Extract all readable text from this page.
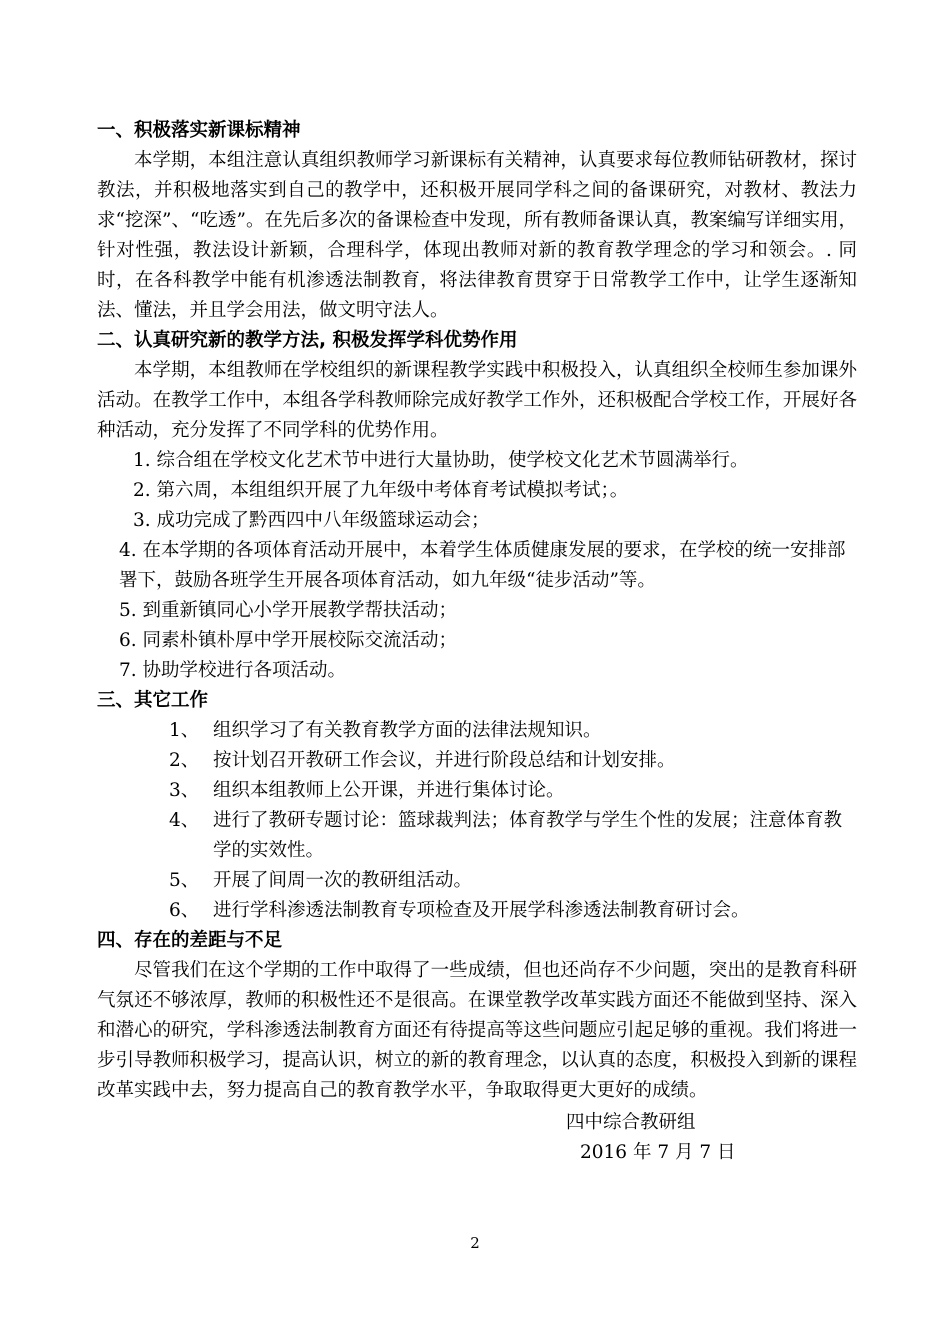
一、积极落实新课标精神

本学期，本组注意认真组织教师学习新课标有关精神，认真要求每位教师钻研教材，探讨教法，并积极地落实到自己的教学中，还积极开展同学科之间的备课研究，对教材、教法力求“挖深”、“吃透”。在先后多次的备课检查中发现，所有教师备课认真，教案编写详细实用，针对性强，教法设计新颖，合理科学，体现出教师对新的教育教学理念的学习和领会。. 同时，在各科教学中能有机渗透法制教育，将法律教育贯穿于日常教学工作中，让学生逐渐知法、懂法，并且学会用法，做文明守法人。

二、认真研究新的教学方法, 积极发挥学科优势作用

本学期，本组教师在学校组织的新课程教学实践中积极投入，认真组织全校师生参加课外活动。在教学工作中，本组各学科教师除完成好教学工作外，还积极配合学校工作，开展好各种活动，充分发挥了不同学科的优势作用。

1. 综合组在学校文化艺术节中进行大量协助，使学校文化艺术节圆满举行。

2. 第六周，本组组织开展了九年级中考体育考试模拟考试；。

3. 成功完成了黔西四中八年级篮球运动会；

4. 在本学期的各项体育活动开展中，本着学生体质健康发展的要求，在学校的统一安排部署下，鼓励各班学生开展各项体育活动，如九年级“徒步活动”等。

5. 到重新镇同心小学开展教学帮扶活动；

6. 同素朴镇朴厚中学开展校际交流活动；

7. 协助学校进行各项活动。

三、其它工作

1、 组织学习了有关教育教学方面的法律法规知识。
2、 按计划召开教研工作会议，并进行阶段总结和计划安排。
3、 组织本组教师上公开课，并进行集体讨论。
4、 进行了教研专题讨论：篮球裁判法；体育教学与学生个性的发展；注意体育教学的实效性。
5、 开展了间周一次的教研组活动。
6、 进行学科渗透法制教育专项检查及开展学科渗透法制教育研讨会。

四、存在的差距与不足

尽管我们在这个学期的工作中取得了一些成绩，但也还尚存不少问题，突出的是教育科研气氛还不够浓厚，教师的积极性还不是很高。在课堂教学改革实践方面还不能做到坚持、深入和潜心的研究，学科渗透法制教育方面还有待提高等这些问题应引起足够的重视。我们将进一步引导教师积极学习，提高认识，树立的新的教育理念，以认真的态度，积极投入到新的课程改革实践中去，努力提高自己的教育教学水平，争取取得更大更好的成绩。

四中综合教研组
2016 年 7 月 7 日
2
